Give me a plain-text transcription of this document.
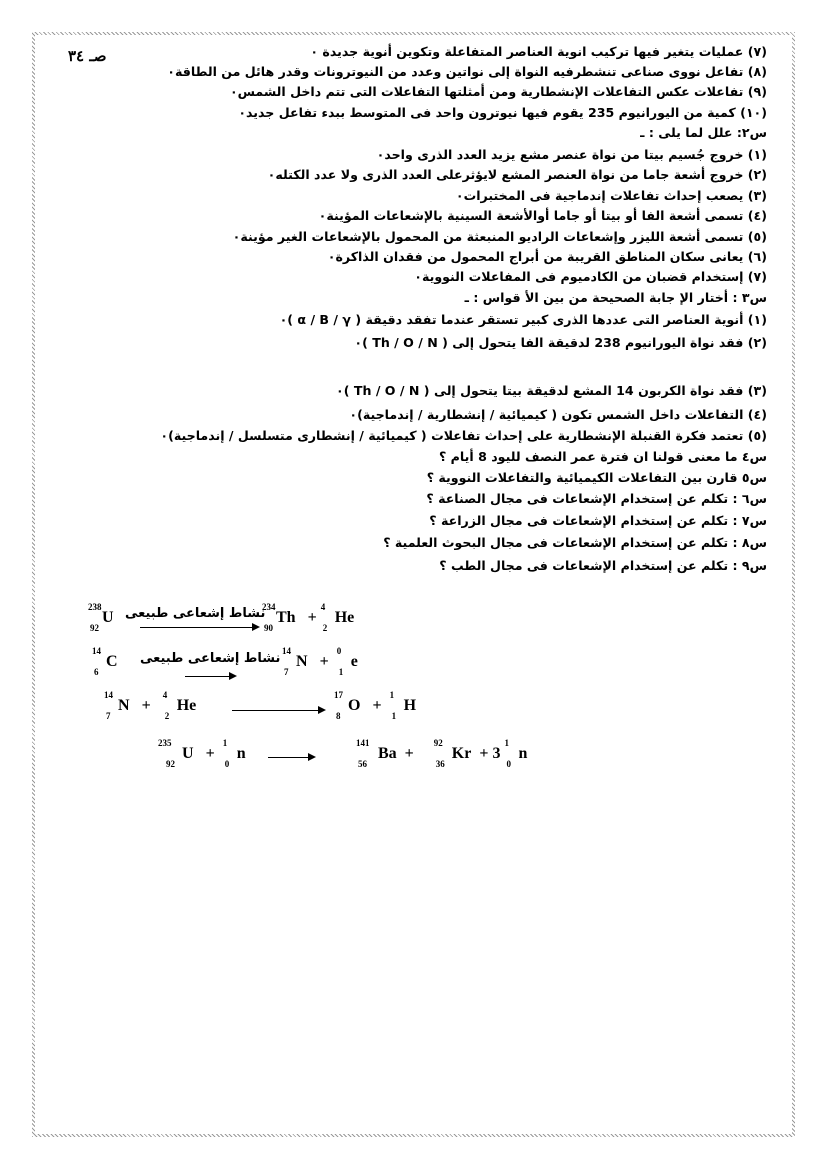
صـ ٣٤	(٧) عمليات يتغير فيها تركيب انوية العناصر المتفاعلة وتكوين أنوية جديدة ٠
(٨) تفاعل نووى صناعى تنشطرفيه النواة إلى نواتين وعدد من النيوترونات وقدر هائل من الطاقة٠
(٩) تفاعلات عكس التفاعلات الإنشطارية ومن أمثلتها التفاعلات التى تتم داخل الشمس٠
(١٠) كمية من اليورانيوم 235 يقوم فيها نيوترون واحد فى المتوسط ببدء تفاعل جديد٠
س٢: علل لما يلى : ـ
(١) خروج جُسيم بيتا من نواة عنصر مشع يزيد العدد الذرى واحد٠
(٢) خروج أشعة جاما من نواة العنصر المشع لايؤثرعلى العدد الذرى ولا عدد الكتله٠
(٣) يصعب إحداث تفاعلات إندماجية فى المختبرات٠
(٤) تسمى أشعة الفا أو بيتا أو جاما أوالأشعة السينية بالإشعاعات المؤينة٠
(٥) تسمى أشعة الليزر وإشعاعات الراديو المنبعثة من المحمول بالإشعاعات الغير مؤينة٠
(٦) يعانى سكان المناطق القريبة من أبراج المحمول من فقدان الذاكرة٠
(٧) إستخدام قضبان من الكادميوم فى المفاعلات النووية٠
س٣ : أختار الإ جابة الصحيحة من بين الأ قواس : ـ
(١) أنوية العناصر التى عددها الذرى كبير تستقر عندما تفقد دقيقة ( α / B / γ )٠
(٢) فقد نواة اليورانيوم 238 لدقيقة الفا يتحول إلى ( Th / O / N )٠
(٣) فقد نواة الكربون 14 المشع لدقيقة بيتا يتحول إلى ( Th / O / N )٠
(٤) التفاعلات داخل الشمس تكون ( كيميائية / إنشطارية / إندماجية)٠
(٥) تعتمد فكرة القنبلة الإنشطارية على إحداث تفاعلات ( كيميائية / إنشطارى متسلسل / إندماجية)٠
س٤ ما معنى قولنا ان فترة عمر النصف لليود 8 أيام ؟
س٥ قارن بين التفاعلات الكيميائية والتفاعلات النووية ؟
س٦ : تكلم عن إستخدام الإشعاعات فى مجال الصناعة ؟
س٧ : تكلم عن إستخدام الإشعاعات فى مجال الزراعة ؟
س٨ : تكلم عن إستخدام الإشعاعات فى مجال البحوث العلمية ؟
س٩ : تكلم عن إستخدام الإشعاعات فى مجال الطب ؟
238
U
92
نشاط إشعاعى طبيعى
234
Th
90
+
4
He
2
14
C
6
نشاط إشعاعى طبيعى 14
N
7
+
0
e
1
14
N
7
+
4
He
2
17
O
8
+
1
H
1
235
92
U +
1
n
0
141
Ba
56
+
92
Kr
36
+ 3
1
n
0
